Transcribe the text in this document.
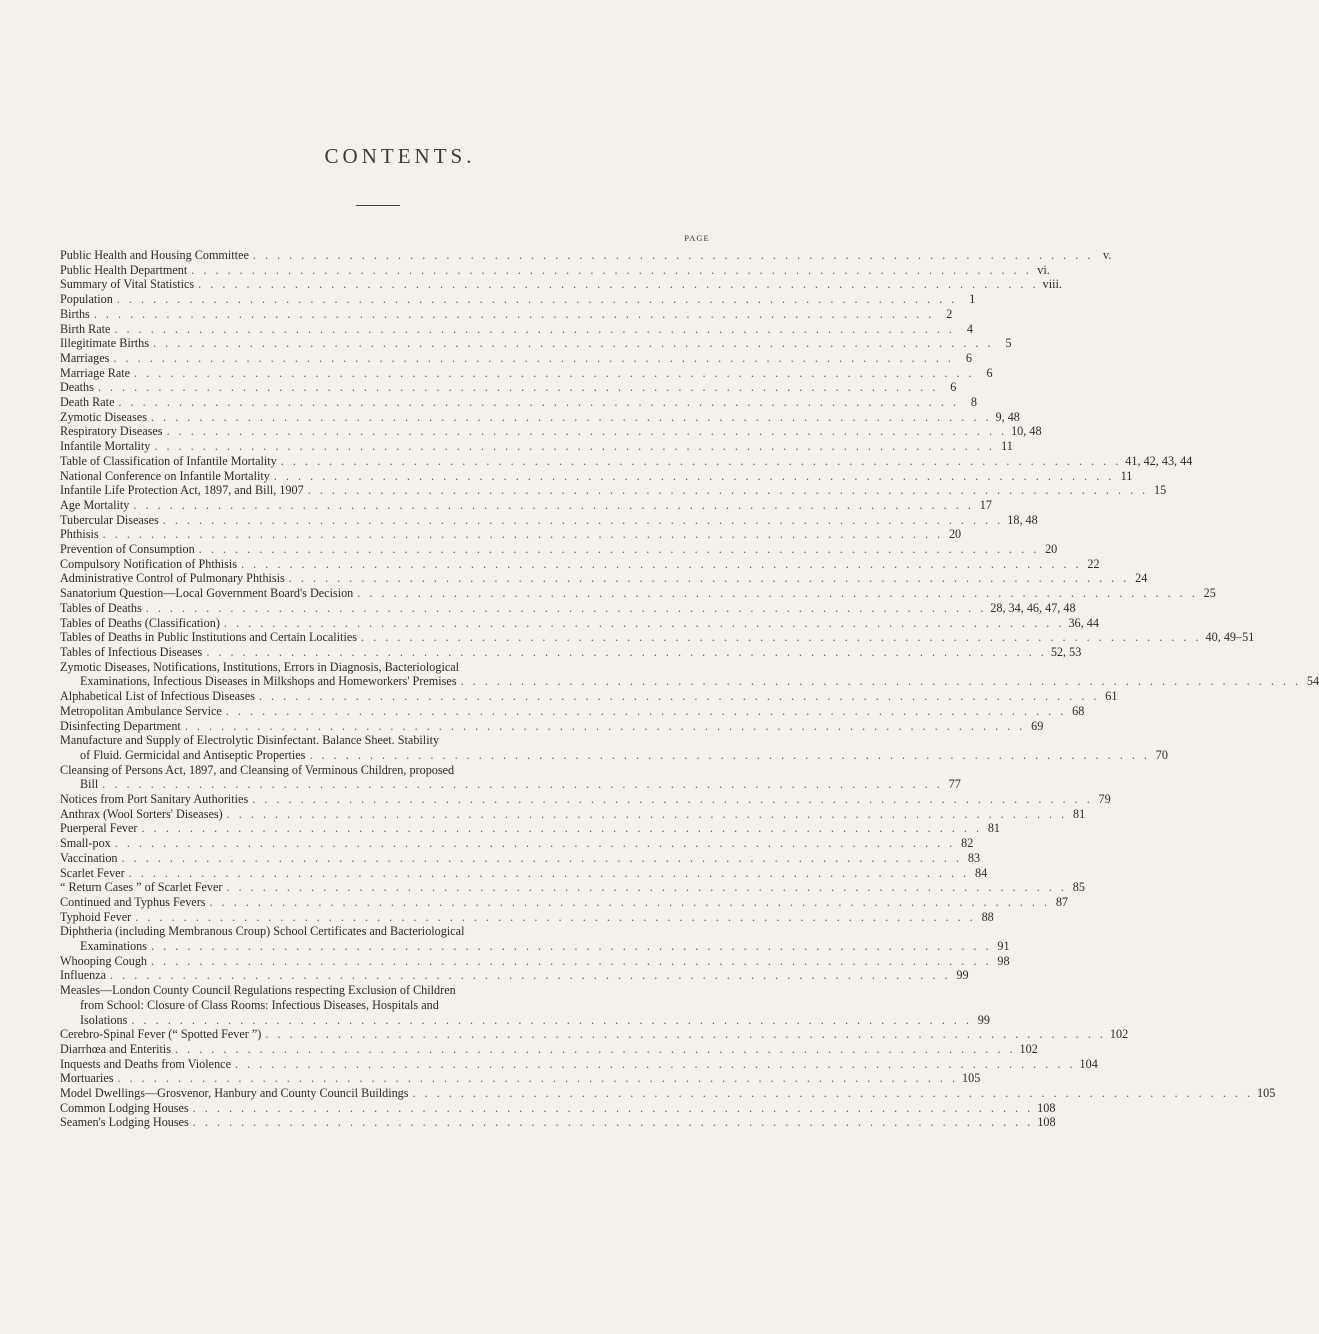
CONTENTS.
PAGE
Public Health and Housing Committee . . . . . . . . . . . . . . . . . . . . . . . . . . . . . . . . . . . . . . . . . . . . . . . . . . . . . . . . . . . . . . . . . . . . . . v.
Public Health Department . . . . . . . . . . . . . . . . . . . . . . . . . . . . . . . . . . . . . . . . . . . . . . . . . . . . . . . . . . . . . . . . . . . . . . vi.
Summary of Vital Statistics . . . . . . . . . . . . . . . . . . . . . . . . . . . . . . . . . . . . . . . . . . . . . . . . . . . . . . . . . . . . . . . . . . . . . . viii.
Population . . . . . . . . . . . . . . . . . . . . . . . . . . . . . . . . . . . . . . . . . . . . . . . . . . . . . . . . . . . . . . . . . . . . . . 1
Births . . . . . . . . . . . . . . . . . . . . . . . . . . . . . . . . . . . . . . . . . . . . . . . . . . . . . . . . . . . . . . . . . . . . . . 2
Birth Rate . . . . . . . . . . . . . . . . . . . . . . . . . . . . . . . . . . . . . . . . . . . . . . . . . . . . . . . . . . . . . . . . . . . . . . 4
Illegitimate Births . . . . . . . . . . . . . . . . . . . . . . . . . . . . . . . . . . . . . . . . . . . . . . . . . . . . . . . . . . . . . . . . . . . . . . 5
Marriages . . . . . . . . . . . . . . . . . . . . . . . . . . . . . . . . . . . . . . . . . . . . . . . . . . . . . . . . . . . . . . . . . . . . . . 6
Marriage Rate . . . . . . . . . . . . . . . . . . . . . . . . . . . . . . . . . . . . . . . . . . . . . . . . . . . . . . . . . . . . . . . . . . . . . . 6
Deaths . . . . . . . . . . . . . . . . . . . . . . . . . . . . . . . . . . . . . . . . . . . . . . . . . . . . . . . . . . . . . . . . . . . . . . 6
Death Rate . . . . . . . . . . . . . . . . . . . . . . . . . . . . . . . . . . . . . . . . . . . . . . . . . . . . . . . . . . . . . . . . . . . . . . 8
Zymotic Diseases . . . . . . . . . . . . . . . . . . . . . . . . . . . . . . . . . . . . . . . . . . . . . . . . . . . . . . . . . . . . . . . . . . . . . . 9, 48
Respiratory Diseases . . . . . . . . . . . . . . . . . . . . . . . . . . . . . . . . . . . . . . . . . . . . . . . . . . . . . . . . . . . . . . . . . . . . . . 10, 48
Infantile Mortality . . . . . . . . . . . . . . . . . . . . . . . . . . . . . . . . . . . . . . . . . . . . . . . . . . . . . . . . . . . . . . . . . . . . . . 11
Table of Classification of Infantile Mortality . . . . . . . . . . . . . . . . . . . . . . . . . . . . . . . . . . . . . . . . . . . . . . . . . . . . . . . . . . . . . . . . . . . . . . 41, 42, 43, 44
National Conference on Infantile Mortality . . . . . . . . . . . . . . . . . . . . . . . . . . . . . . . . . . . . . . . . . . . . . . . . . . . . . . . . . . . . . . . . . . . . . . 11
Infantile Life Protection Act, 1897, and Bill, 1907 . . . . . . . . . . . . . . . . . . . . . . . . . . . . . . . . . . . . . . . . . . . . . . . . . . . . . . . . . . . . . . . . . . . . . . 15
Age Mortality . . . . . . . . . . . . . . . . . . . . . . . . . . . . . . . . . . . . . . . . . . . . . . . . . . . . . . . . . . . . . . . . . . . . . . 17
Tubercular Diseases . . . . . . . . . . . . . . . . . . . . . . . . . . . . . . . . . . . . . . . . . . . . . . . . . . . . . . . . . . . . . . . . . . . . . . 18, 48
Phthisis . . . . . . . . . . . . . . . . . . . . . . . . . . . . . . . . . . . . . . . . . . . . . . . . . . . . . . . . . . . . . . . . . . . . . . 20
Prevention of Consumption . . . . . . . . . . . . . . . . . . . . . . . . . . . . . . . . . . . . . . . . . . . . . . . . . . . . . . . . . . . . . . . . . . . . . . 20
Compulsory Notification of Phthisis . . . . . . . . . . . . . . . . . . . . . . . . . . . . . . . . . . . . . . . . . . . . . . . . . . . . . . . . . . . . . . . . . . . . . . 22
Administrative Control of Pulmonary Phthisis . . . . . . . . . . . . . . . . . . . . . . . . . . . . . . . . . . . . . . . . . . . . . . . . . . . . . . . . . . . . . . . . . . . . . . 24
Sanatorium Question—Local Government Board's Decision . . . . . . . . . . . . . . . . . . . . . . . . . . . . . . . . . . . . . . . . . . . . . . . . . . . . . . . . . . . . . . . . . . . . . . 25
Tables of Deaths . . . . . . . . . . . . . . . . . . . . . . . . . . . . . . . . . . . . . . . . . . . . . . . . . . . . . . . . . . . . . . . . . . . . . . 28, 34, 46, 47, 48
Tables of Deaths (Classification) . . . . . . . . . . . . . . . . . . . . . . . . . . . . . . . . . . . . . . . . . . . . . . . . . . . . . . . . . . . . . . . . . . . . . . 36, 44
Tables of Deaths in Public Institutions and Certain Localities . . . . . . . . . . . . . . . . . . . . . . . . . . . . . . . . . . . . . . . . . . . . . . . . . . . . . . . . . . . . . . . . . . . . . . 40, 49–51
Tables of Infectious Diseases . . . . . . . . . . . . . . . . . . . . . . . . . . . . . . . . . . . . . . . . . . . . . . . . . . . . . . . . . . . . . . . . . . . . . . 52, 53
Zymotic Diseases, Notifications, Institutions, Errors in Diagnosis, Bacteriological
Examinations, Infectious Diseases in Milkshops and Homeworkers' Premises . . . . . . . . . . . . . . . . . . . . . . . . . . . . . . . . . . . . . . . . . . . . . . . . . . . . . . . . . . . . . . . . . . . . . . 54
Alphabetical List of Infectious Diseases . . . . . . . . . . . . . . . . . . . . . . . . . . . . . . . . . . . . . . . . . . . . . . . . . . . . . . . . . . . . . . . . . . . . . . 61
Metropolitan Ambulance Service . . . . . . . . . . . . . . . . . . . . . . . . . . . . . . . . . . . . . . . . . . . . . . . . . . . . . . . . . . . . . . . . . . . . . . 68
Disinfecting Department . . . . . . . . . . . . . . . . . . . . . . . . . . . . . . . . . . . . . . . . . . . . . . . . . . . . . . . . . . . . . . . . . . . . . . 69
Manufacture and Supply of Electrolytic Disinfectant. Balance Sheet. Stability
of Fluid. Germicidal and Antiseptic Properties . . . . . . . . . . . . . . . . . . . . . . . . . . . . . . . . . . . . . . . . . . . . . . . . . . . . . . . . . . . . . . . . . . . . . . 70
Cleansing of Persons Act, 1897, and Cleansing of Verminous Children, proposed
Bill . . . . . . . . . . . . . . . . . . . . . . . . . . . . . . . . . . . . . . . . . . . . . . . . . . . . . . . . . . . . . . . . . . . . . . 77
Notices from Port Sanitary Authorities . . . . . . . . . . . . . . . . . . . . . . . . . . . . . . . . . . . . . . . . . . . . . . . . . . . . . . . . . . . . . . . . . . . . . . 79
Anthrax (Wool Sorters' Diseases) . . . . . . . . . . . . . . . . . . . . . . . . . . . . . . . . . . . . . . . . . . . . . . . . . . . . . . . . . . . . . . . . . . . . . . 81
Puerperal Fever . . . . . . . . . . . . . . . . . . . . . . . . . . . . . . . . . . . . . . . . . . . . . . . . . . . . . . . . . . . . . . . . . . . . . . 81
Small-pox . . . . . . . . . . . . . . . . . . . . . . . . . . . . . . . . . . . . . . . . . . . . . . . . . . . . . . . . . . . . . . . . . . . . . . 82
Vaccination . . . . . . . . . . . . . . . . . . . . . . . . . . . . . . . . . . . . . . . . . . . . . . . . . . . . . . . . . . . . . . . . . . . . . . 83
Scarlet Fever . . . . . . . . . . . . . . . . . . . . . . . . . . . . . . . . . . . . . . . . . . . . . . . . . . . . . . . . . . . . . . . . . . . . . . 84
“ Return Cases ” of Scarlet Fever . . . . . . . . . . . . . . . . . . . . . . . . . . . . . . . . . . . . . . . . . . . . . . . . . . . . . . . . . . . . . . . . . . . . . . 85
Continued and Typhus Fevers . . . . . . . . . . . . . . . . . . . . . . . . . . . . . . . . . . . . . . . . . . . . . . . . . . . . . . . . . . . . . . . . . . . . . . 87
Typhoid Fever . . . . . . . . . . . . . . . . . . . . . . . . . . . . . . . . . . . . . . . . . . . . . . . . . . . . . . . . . . . . . . . . . . . . . . 88
Diphtheria (including Membranous Croup) School Certificates and Bacteriological
Examinations . . . . . . . . . . . . . . . . . . . . . . . . . . . . . . . . . . . . . . . . . . . . . . . . . . . . . . . . . . . . . . . . . . . . . . 91
Whooping Cough . . . . . . . . . . . . . . . . . . . . . . . . . . . . . . . . . . . . . . . . . . . . . . . . . . . . . . . . . . . . . . . . . . . . . . 98
Influenza . . . . . . . . . . . . . . . . . . . . . . . . . . . . . . . . . . . . . . . . . . . . . . . . . . . . . . . . . . . . . . . . . . . . . . 99
Measles—London County Council Regulations respecting Exclusion of Children
from School: Closure of Class Rooms: Infectious Diseases, Hospitals and
Isolations . . . . . . . . . . . . . . . . . . . . . . . . . . . . . . . . . . . . . . . . . . . . . . . . . . . . . . . . . . . . . . . . . . . . . . 99
Cerebro-Spinal Fever (“ Spotted Fever ”) . . . . . . . . . . . . . . . . . . . . . . . . . . . . . . . . . . . . . . . . . . . . . . . . . . . . . . . . . . . . . . . . . . . . . . 102
Diarrhœa and Enteritis . . . . . . . . . . . . . . . . . . . . . . . . . . . . . . . . . . . . . . . . . . . . . . . . . . . . . . . . . . . . . . . . . . . . . . 102
Inquests and Deaths from Violence . . . . . . . . . . . . . . . . . . . . . . . . . . . . . . . . . . . . . . . . . . . . . . . . . . . . . . . . . . . . . . . . . . . . . . 104
Mortuaries . . . . . . . . . . . . . . . . . . . . . . . . . . . . . . . . . . . . . . . . . . . . . . . . . . . . . . . . . . . . . . . . . . . . . . 105
Model Dwellings—Grosvenor, Hanbury and County Council Buildings . . . . . . . . . . . . . . . . . . . . . . . . . . . . . . . . . . . . . . . . . . . . . . . . . . . . . . . . . . . . . . . . . . . . . . 105
Common Lodging Houses . . . . . . . . . . . . . . . . . . . . . . . . . . . . . . . . . . . . . . . . . . . . . . . . . . . . . . . . . . . . . . . . . . . . . . 108
Seamen's Lodging Houses . . . . . . . . . . . . . . . . . . . . . . . . . . . . . . . . . . . . . . . . . . . . . . . . . . . . . . . . . . . . . . . . . . . . . . 108
